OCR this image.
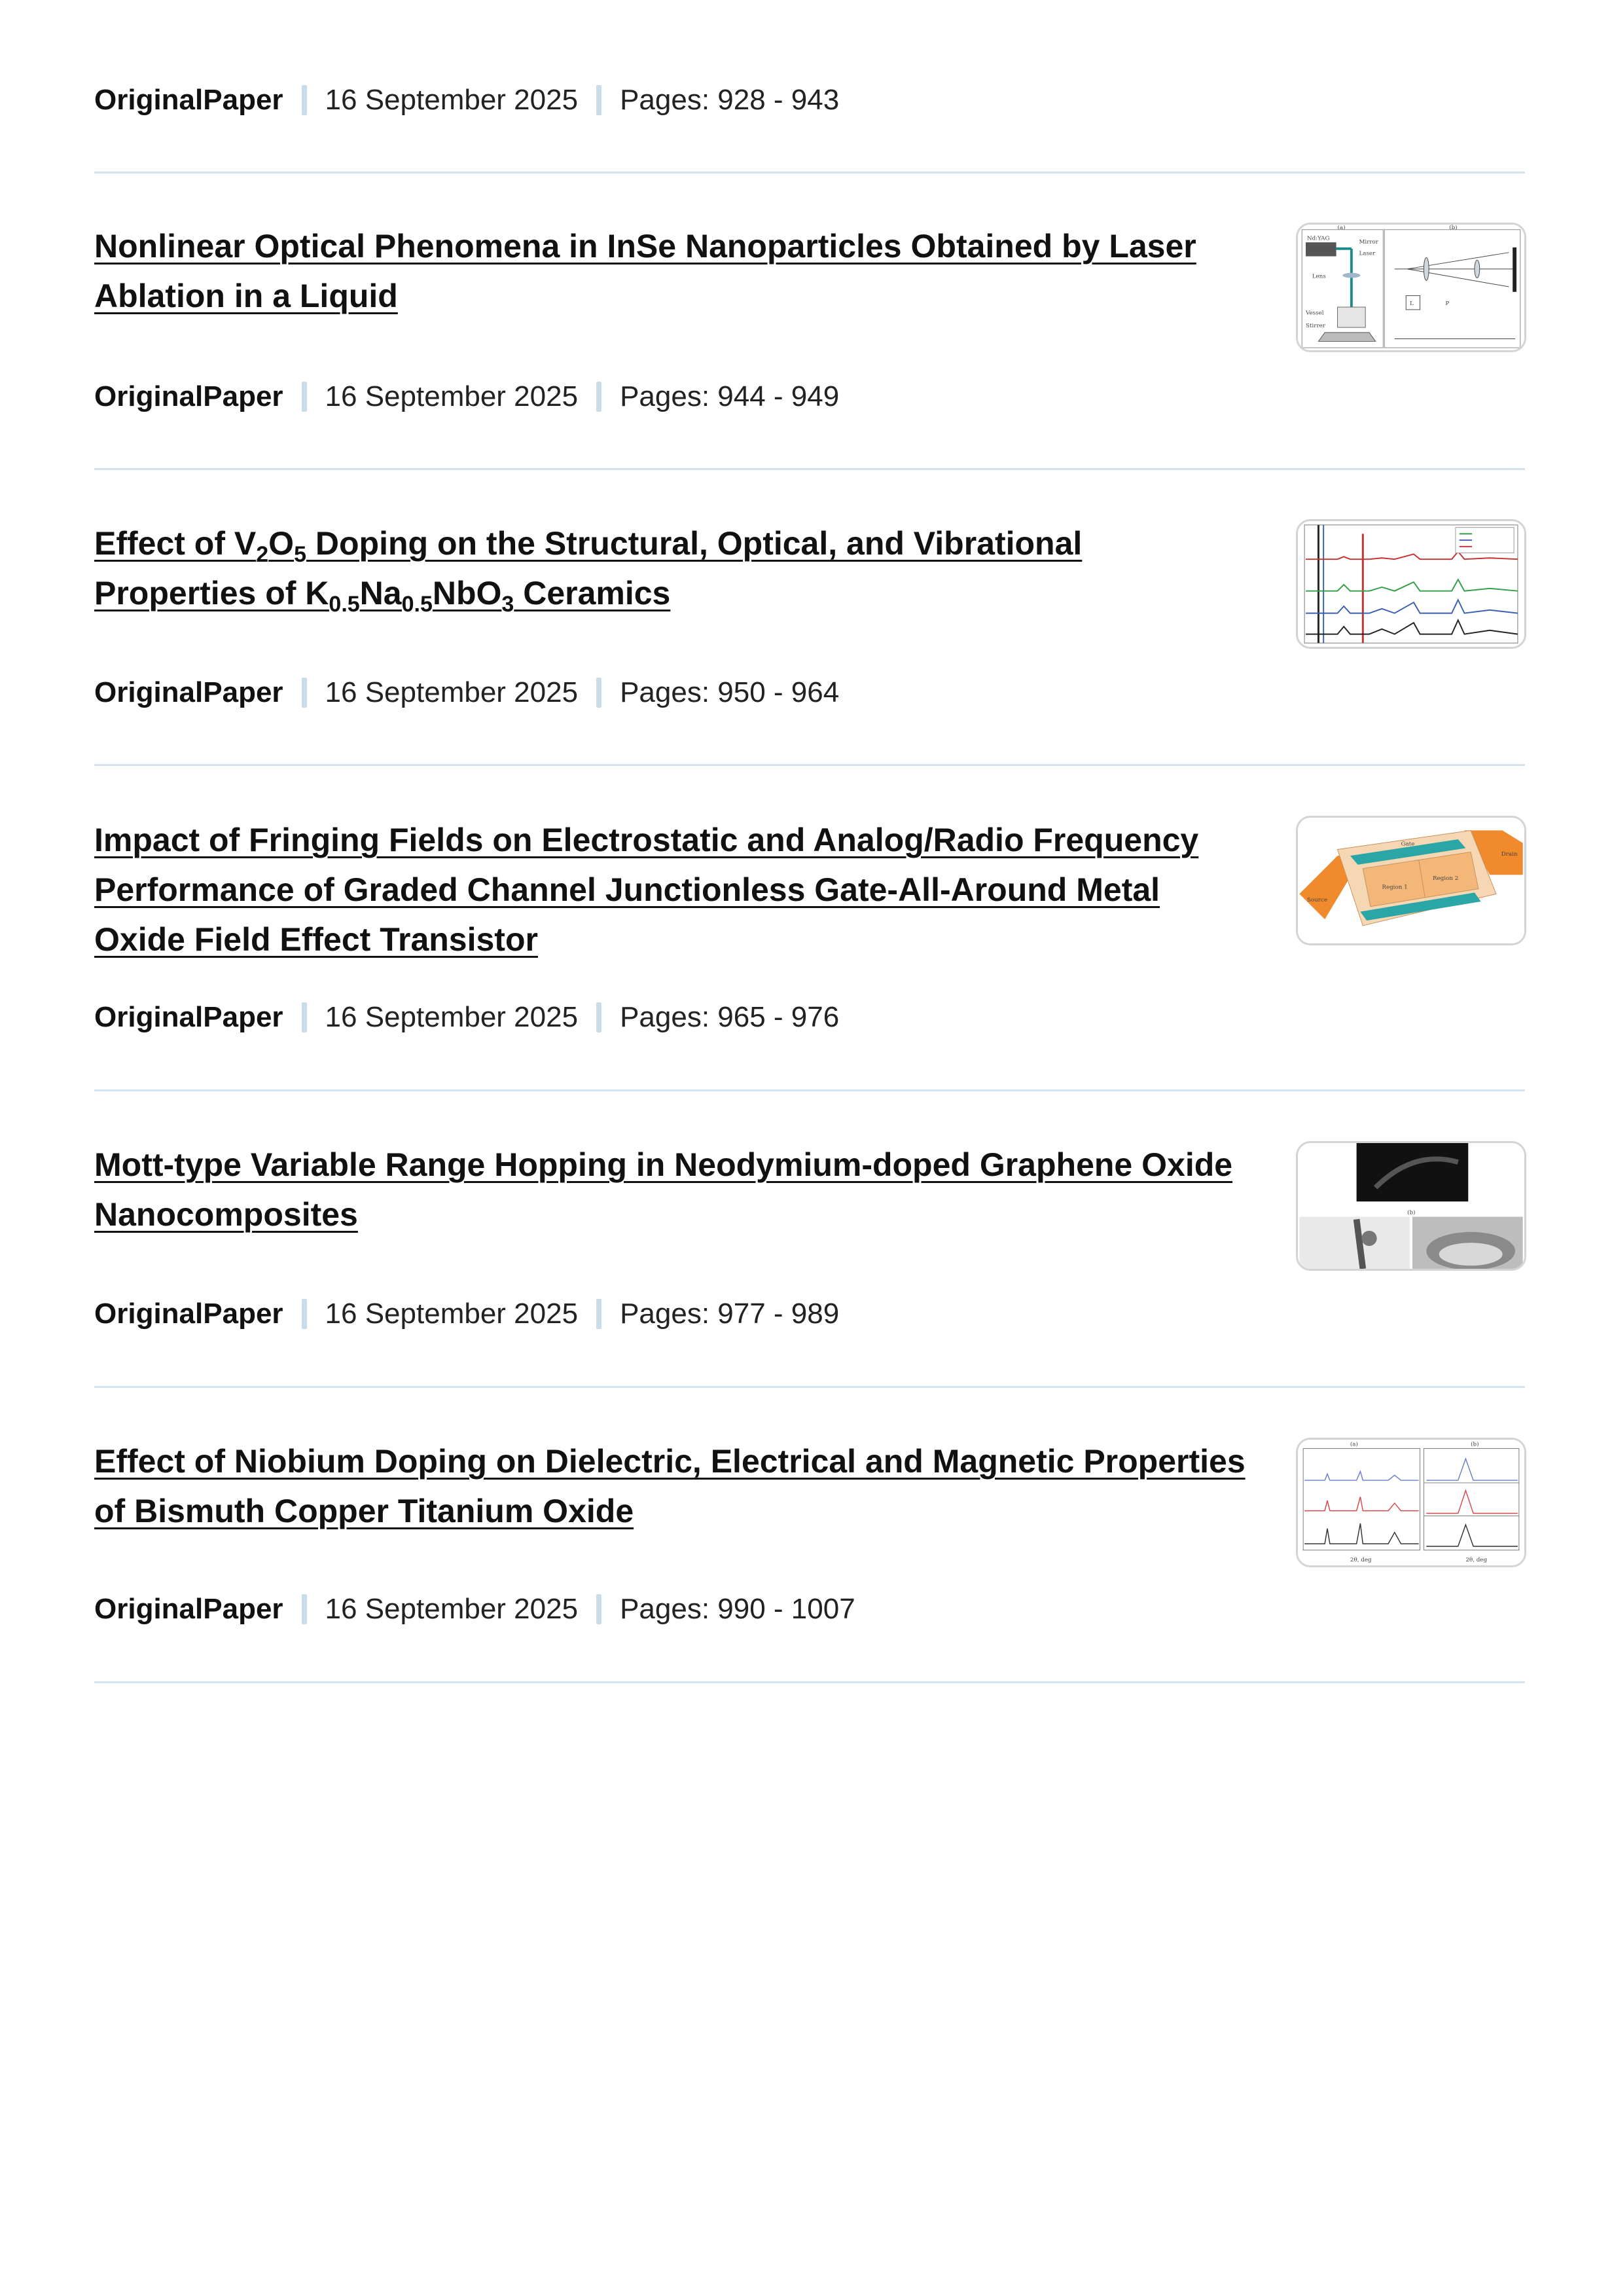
OriginalPaper 16 September 2025 Pages: 928 - 943
Nonlinear Optical Phenomena in InSe Nanoparticles Obtained by Laser Ablation in a Liquid
(a)	(b)
Nd:YAG
Laser
Lens
Mirror
Vessel
Stirrer
L	P
OriginalPaper 16 September 2025 Pages: 944 - 949
Effect of $V_2O_5$ Doping on the Structural, Optical, and Vibrational Properties of $K_{0.5}Na_{0.5}NbO_3$ Ceramics
OriginalPaper 16 September 2025 Pages: 950 - 964
Impact of Fringing Fields on Electrostatic and Analog/Radio Frequency Performance of Graded Channel Junctionless Gate-All-Around Metal Oxide Field Effect Transistor
Region 1
Region 2
Source
Drain
Gate
OriginalPaper 16 September 2025 Pages: 965 - 976
Mott-type Variable Range Hopping in Neodymium-doped Graphene Oxide Nanocomposites	(b)
OriginalPaper 16 September 2025 Pages: 977 - 989
Effect of Niobium Doping on Dielectric, Electrical and Magnetic Properties of Bismuth Copper Titanium Oxide
(a)	(b)
2θ, deg	2θ, deg
OriginalPaper 16 September 2025 Pages: 990 - 1007
